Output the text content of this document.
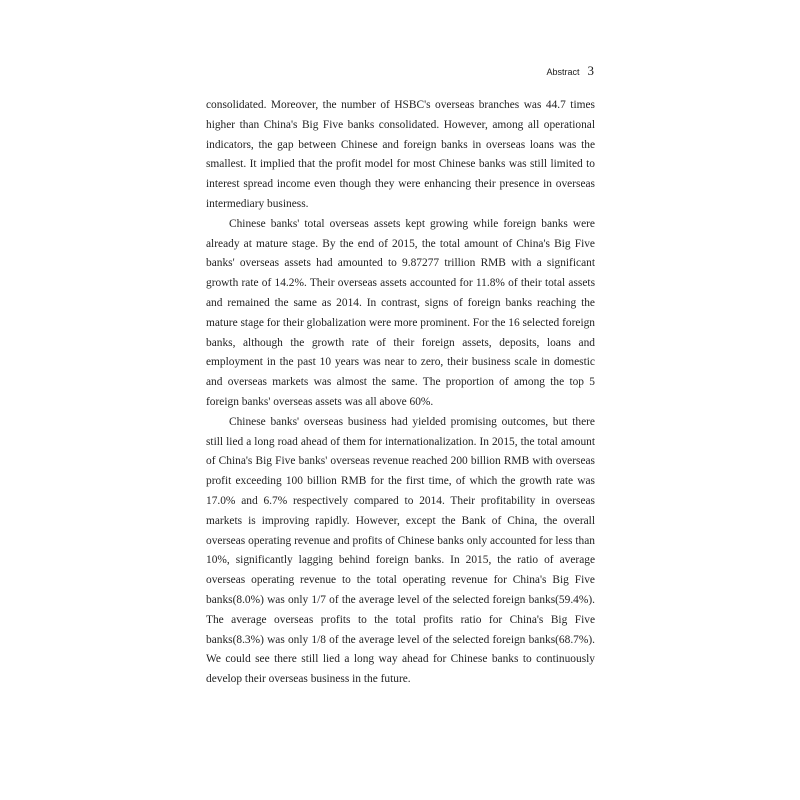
Abstract 3

consolidated. Moreover, the number of HSBC's overseas branches was 44.7 times higher than China's Big Five banks consolidated. However, among all operational indicators, the gap between Chinese and foreign banks in overseas loans was the smallest. It implied that the profit model for most Chinese banks was still limited to interest spread income even though they were enhancing their presence in overseas intermediary business.

Chinese banks' total overseas assets kept growing while foreign banks were already at mature stage. By the end of 2015, the total amount of China's Big Five banks' overseas assets had amounted to 9.87277 trillion RMB with a significant growth rate of 14.2%. Their overseas assets accounted for 11.8% of their total assets and remained the same as 2014. In contrast, signs of foreign banks reaching the mature stage for their globalization were more prominent. For the 16 selected foreign banks, although the growth rate of their foreign assets, deposits, loans and employment in the past 10 years was near to zero, their business scale in domestic and overseas markets was almost the same. The proportion of among the top 5 foreign banks' overseas assets was all above 60%.

Chinese banks' overseas business had yielded promising outcomes, but there still lied a long road ahead of them for internationalization. In 2015, the total amount of China's Big Five banks' overseas revenue reached 200 billion RMB with overseas profit exceeding 100 billion RMB for the first time, of which the growth rate was 17.0% and 6.7% respectively compared to 2014. Their profitability in overseas markets is improving rapidly. However, except the Bank of China, the overall overseas operating revenue and profits of Chinese banks only accounted for less than 10%, significantly lagging behind foreign banks. In 2015, the ratio of average overseas operating revenue to the total operating revenue for China's Big Five banks(8.0%) was only 1/7 of the average level of the selected foreign banks(59.4%). The average overseas profits to the total profits ratio for China's Big Five banks(8.3%) was only 1/8 of the average level of the selected foreign banks(68.7%). We could see there still lied a long way ahead for Chinese banks to continuously develop their overseas business in the future.
